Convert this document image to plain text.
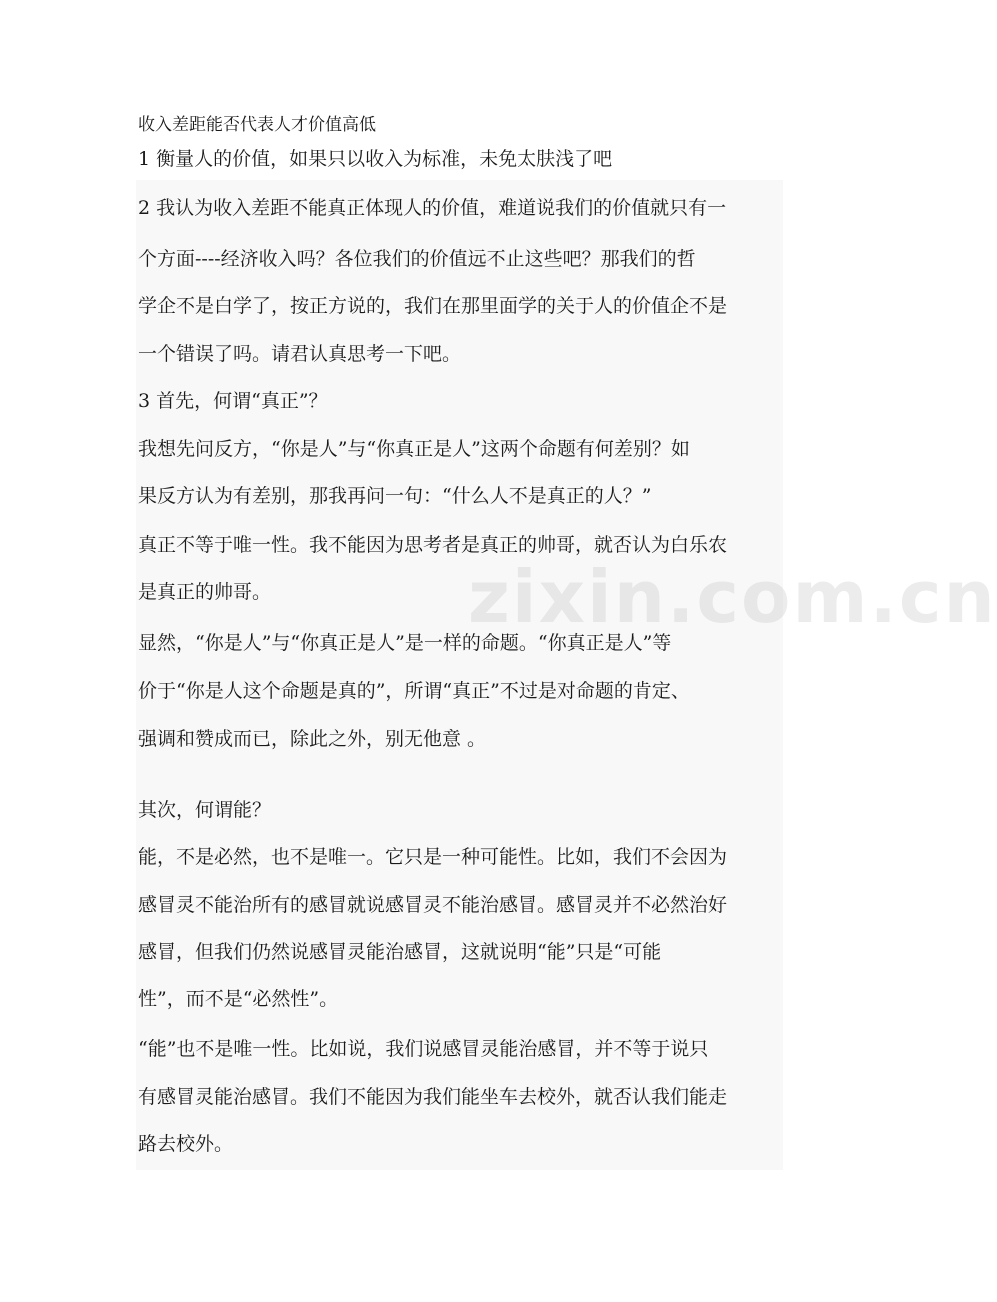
收入差距能否代表人才价值高低
1 衡量人的价值，如果只以收入为标准，未免太肤浅了吧
2 我认为收入差距不能真正体现人的价值，难道说我们的价值就只有一
个方面----经济收入吗？各位我们的价值远不止这些吧？那我们的哲
学企不是白学了，按正方说的，我们在那里面学的关于人的价值企不是
一个错误了吗。请君认真思考一下吧。
3 首先，何谓“真正”？
我想先问反方，“你是人”与“你真正是人”这两个命题有何差别？如
果反方认为有差别，那我再问一句：“什么人不是真正的人？”
真正不等于唯一性。我不能因为思考者是真正的帅哥，就否认为白乐农
是真正的帅哥。
显然，“你是人”与“你真正是人”是一样的命题。“你真正是人”等
价于“你是人这个命题是真的”，所谓“真正”不过是对命题的肯定、
强调和赞成而已，除此之外，别无他意 。
其次，何谓能？
能，不是必然，也不是唯一。它只是一种可能性。比如，我们不会因为
感冒灵不能治所有的感冒就说感冒灵不能治感冒。感冒灵并不必然治好
感冒，但我们仍然说感冒灵能治感冒，这就说明“能”只是“可能
性”，而不是“必然性”。
“能”也不是唯一性。比如说，我们说感冒灵能治感冒，并不等于说只
有感冒灵能治感冒。我们不能因为我们能坐车去校外，就否认我们能走
路去校外。
zixin.com.cn
